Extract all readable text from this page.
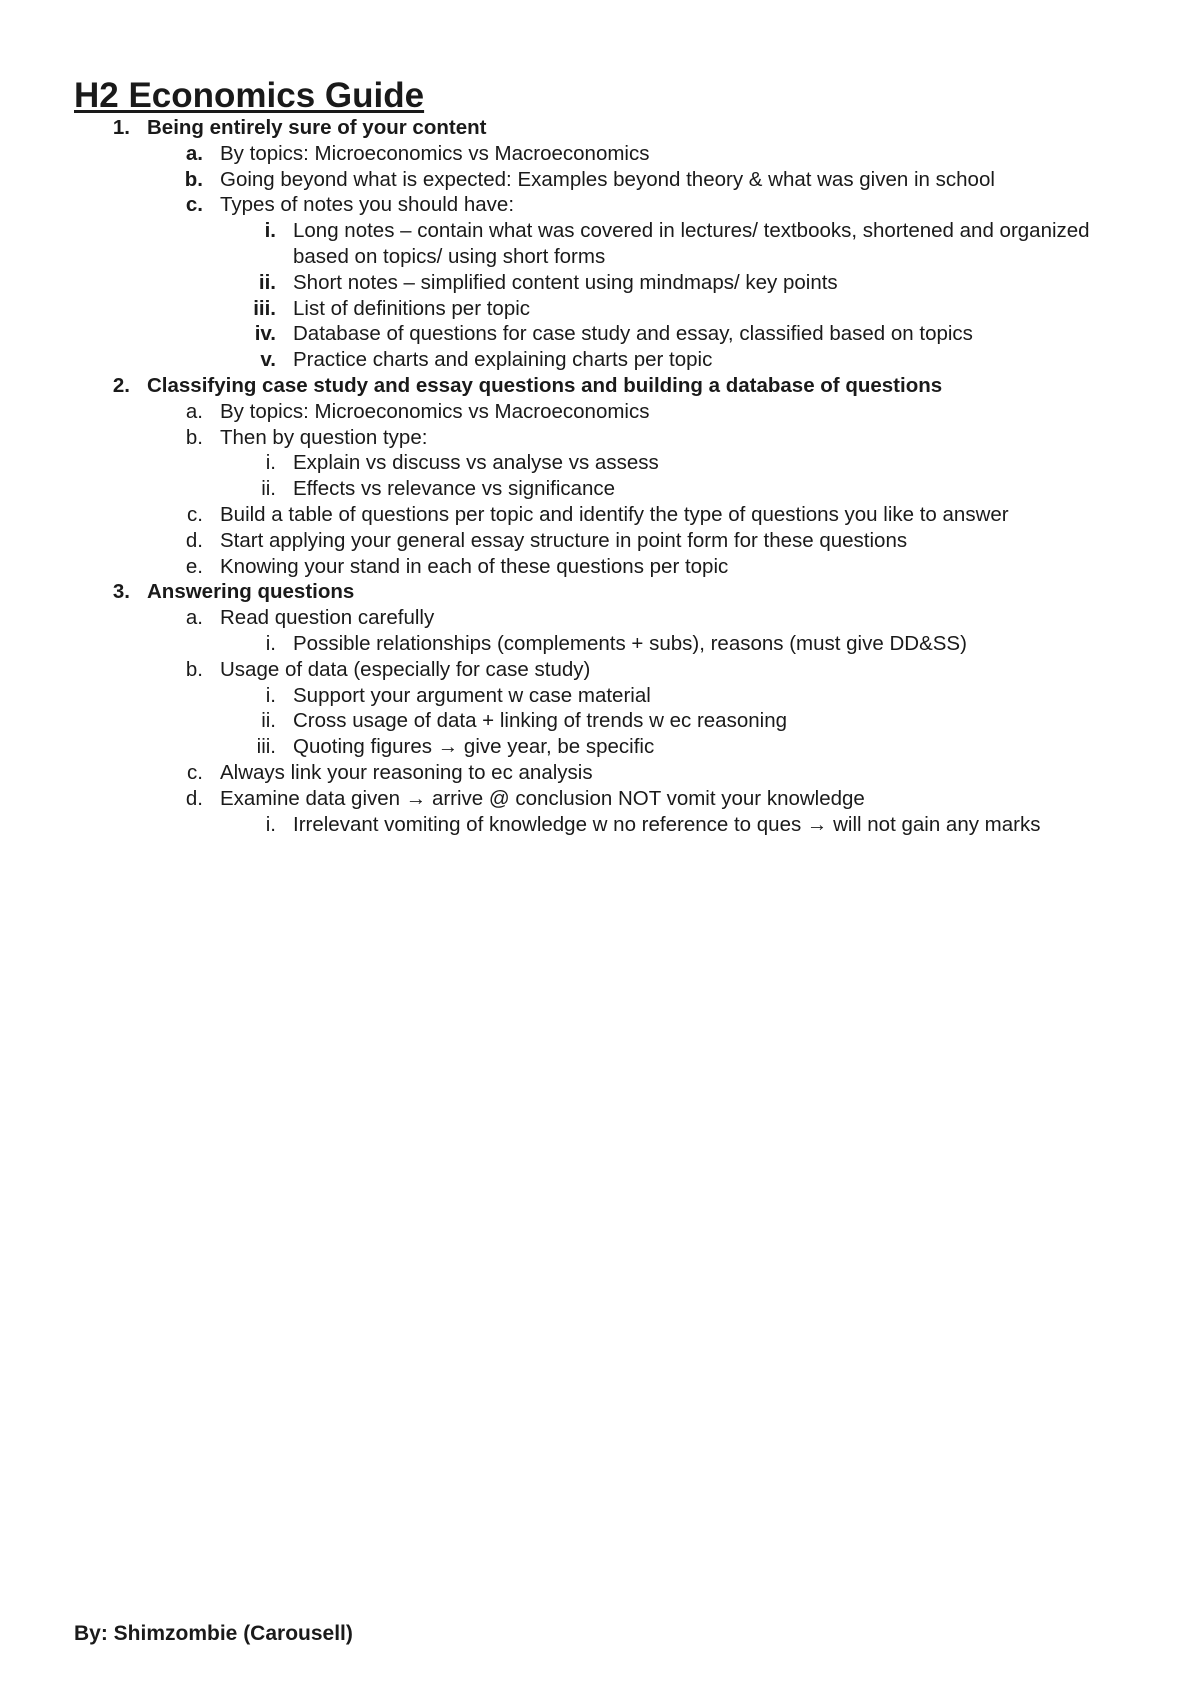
H2 Economics Guide
1. Being entirely sure of your content
a. By topics: Microeconomics vs Macroeconomics
b. Going beyond what is expected: Examples beyond theory & what was given in school
c. Types of notes you should have:
i. Long notes – contain what was covered in lectures/ textbooks, shortened and organized based on topics/ using short forms
ii. Short notes – simplified content using mindmaps/ key points
iii. List of definitions per topic
iv. Database of questions for case study and essay, classified based on topics
v. Practice charts and explaining charts per topic
2. Classifying case study and essay questions and building a database of questions
a. By topics: Microeconomics vs Macroeconomics
b. Then by question type:
i. Explain vs discuss vs analyse vs assess
ii. Effects vs relevance vs significance
c. Build a table of questions per topic and identify the type of questions you like to answer
d. Start applying your general essay structure in point form for these questions
e. Knowing your stand in each of these questions per topic
3. Answering questions
a. Read question carefully
i. Possible relationships (complements + subs), reasons (must give DD&SS)
b. Usage of data (especially for case study)
i. Support your argument w case material
ii. Cross usage of data + linking of trends w ec reasoning
iii. Quoting figures → give year, be specific
c. Always link your reasoning to ec analysis
d. Examine data given → arrive @ conclusion NOT vomit your knowledge
i. Irrelevant vomiting of knowledge w no reference to ques → will not gain any marks
By: Shimzombie (Carousell)
